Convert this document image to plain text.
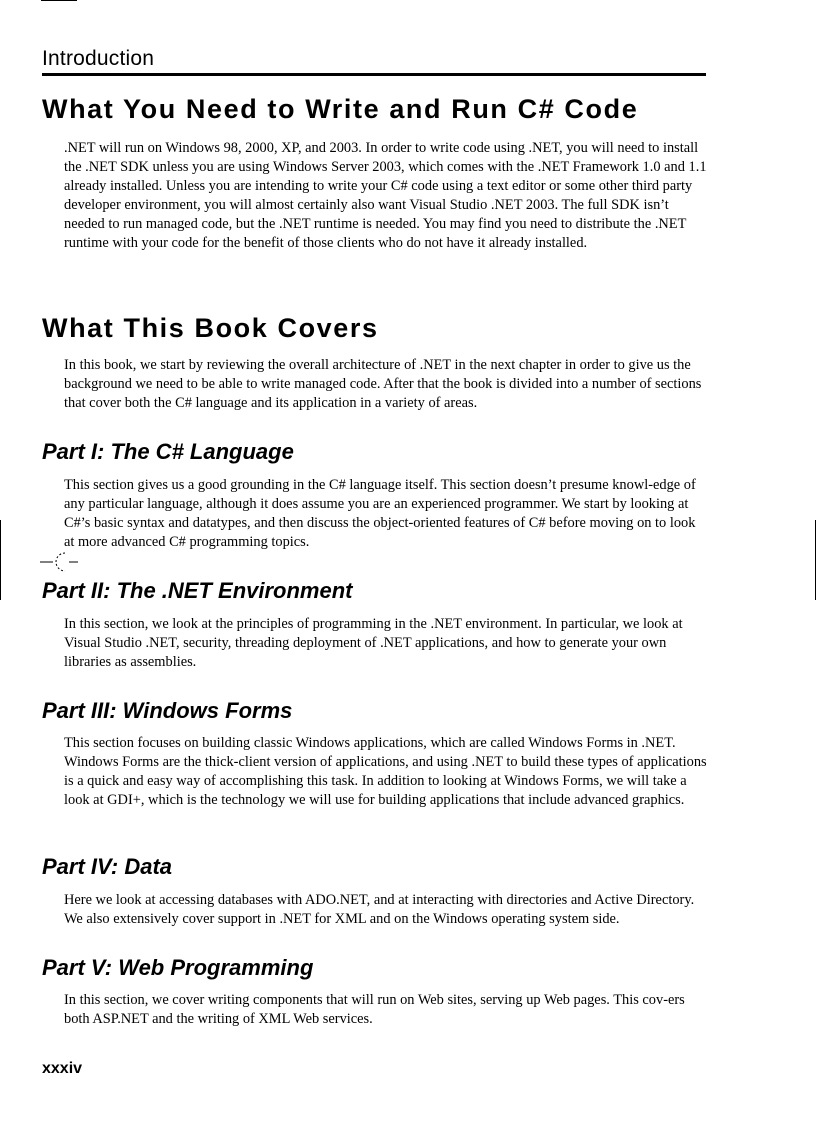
Introduction
What You Need to Write and Run C# Code

.NET will run on Windows 98, 2000, XP, and 2003. In order to write code using .NET, you will need to install the .NET SDK unless you are using Windows Server 2003, which comes with the .NET Framework 1.0 and 1.1 already installed. Unless you are intending to write your C# code using a text editor or some other third party developer environment, you will almost certainly also want Visual Studio .NET 2003. The full SDK isn’t needed to run managed code, but the .NET runtime is needed. You may find you need to distribute the .NET runtime with your code for the benefit of those clients who do not have it already installed.

What This Book Covers

In this book, we start by reviewing the overall architecture of .NET in the next chapter in order to give us the background we need to be able to write managed code. After that the book is divided into a number of sections that cover both the C# language and its application in a variety of areas.

Part I: The C# Language

This section gives us a good grounding in the C# language itself. This section doesn’t presume knowl-edge of any particular language, although it does assume you are an experienced programmer. We start by looking at C#’s basic syntax and datatypes, and then discuss the object-oriented features of C# before moving on to look at more advanced C# programming topics.

Part II: The .NET Environment

In this section, we look at the principles of programming in the .NET environment. In particular, we look at Visual Studio .NET, security, threading deployment of .NET applications, and how to generate your own libraries as assemblies.

Part III: Windows Forms

This section focuses on building classic Windows applications, which are called Windows Forms in .NET. Windows Forms are the thick-client version of applications, and using .NET to build these types of applications is a quick and easy way of accomplishing this task. In addition to looking at Windows Forms, we will take a look at GDI+, which is the technology we will use for building applications that include advanced graphics.

Part IV: Data

Here we look at accessing databases with ADO.NET, and at interacting with directories and Active Directory. We also extensively cover support in .NET for XML and on the Windows operating system side.

Part V: Web Programming

In this section, we cover writing components that will run on Web sites, serving up Web pages. This cov-ers both ASP.NET and the writing of XML Web services.

xxxiv
